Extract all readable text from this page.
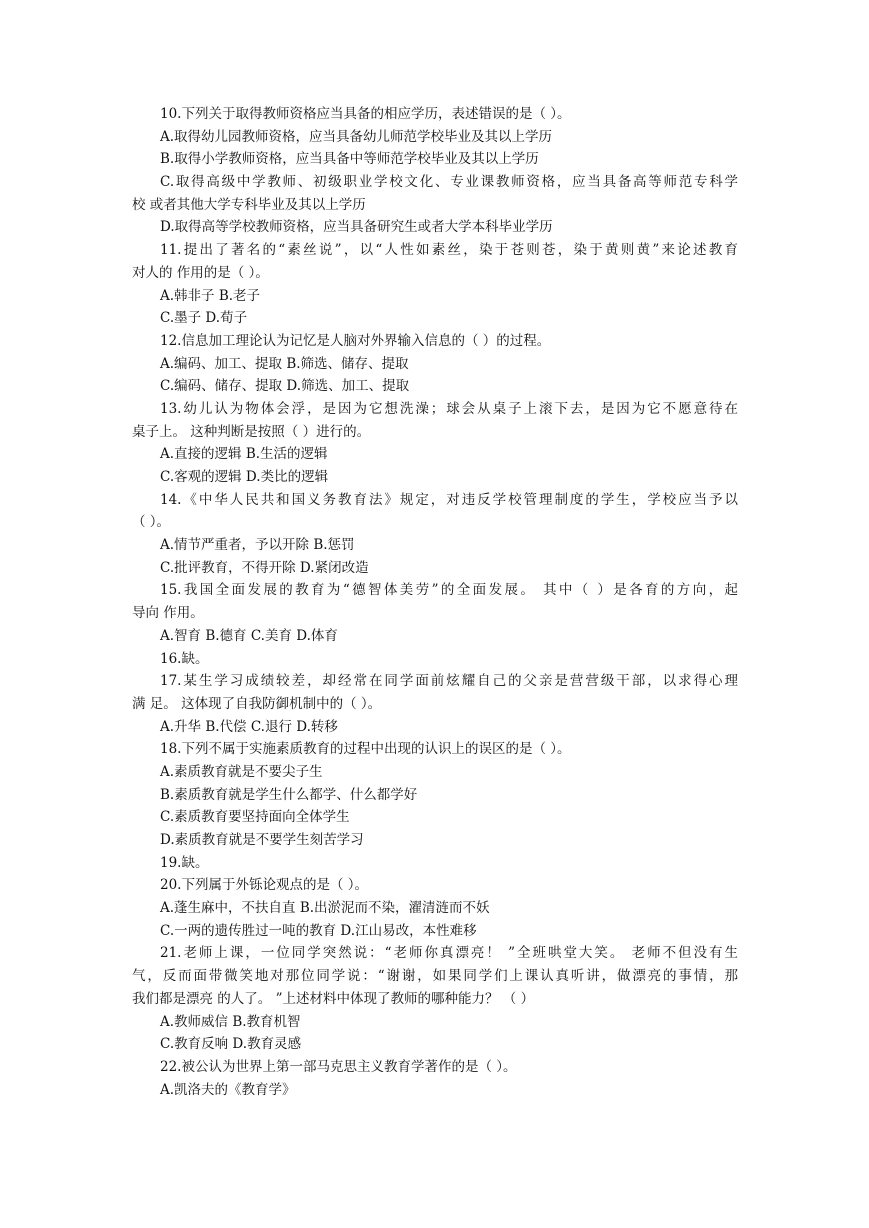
10.下列关于取得教师资格应当具备的相应学历，表述错误的是（ ）。
A.取得幼儿园教师资格，应当具备幼儿师范学校毕业及其以上学历
B.取得小学教师资格，应当具备中等师范学校毕业及其以上学历
C.取得高级中学教师、初级职业学校文化、专业课教师资格，应当具备高等师范专科学
校 或者其他大学专科毕业及其以上学历
D.取得高等学校教师资格，应当具备研究生或者大学本科毕业学历
11.提出了著名的“素丝说”，以“人性如素丝，染于苍则苍，染于黄则黄”来论述教育
对人的 作用的是（ ）。
A.韩非子 B.老子
C.墨子 D.荀子
12.信息加工理论认为记忆是人脑对外界输入信息的（ ）的过程。
A.编码、加工、提取 B.筛选、储存、提取
C.编码、储存、提取 D.筛选、加工、提取
13.幼儿认为物体会浮，是因为它想洗澡；球会从桌子上滚下去，是因为它不愿意待在
桌子上。 这种判断是按照（ ）进行的。
A.直接的逻辑 B.生活的逻辑
C.客观的逻辑 D.类比的逻辑
14.《中华人民共和国义务教育法》规定，对违反学校管理制度的学生，学校应当予以
（ ）。
A.情节严重者，予以开除 B.惩罚
C.批评教育，不得开除 D.紧闭改造
15.我国全面发展的教育为“德智体美劳”的全面发展。 其中（ ）是各育的方向，起
导向 作用。
A.智育 B.德育 C.美育 D.体育
16.缺。
17.某生学习成绩较差，却经常在同学面前炫耀自己的父亲是营营级干部，以求得心理
满 足。 这体现了自我防御机制中的（ ）。
A.升华 B.代偿 C.退行 D.转移
18.下列不属于实施素质教育的过程中出现的认识上的误区的是（ ）。
A.素质教育就是不要尖子生
B.素质教育就是学生什么都学、什么都学好
C.素质教育要坚持面向全体学生
D.素质教育就是不要学生刻苦学习
19.缺。
20.下列属于外铄论观点的是（ ）。
A.蓬生麻中，不扶自直 B.出淤泥而不染，濯清涟而不妖
C.一两的遗传胜过一吨的教育 D.江山易改，本性难移
21.老师上课，一位同学突然说：“老师你真漂亮！ ”全班哄堂大笑。 老师不但没有生
气，反而面带微笑地对那位同学说：“谢谢，如果同学们上课认真听讲，做漂亮的事情，那
我们都是漂亮 的人了。 ”上述材料中体现了教师的哪种能力？ （ ）
A.教师威信 B.教育机智
C.教育反响 D.教育灵感
22.被公认为世界上第一部马克思主义教育学著作的是（ ）。
A.凯洛夫的《教育学》
